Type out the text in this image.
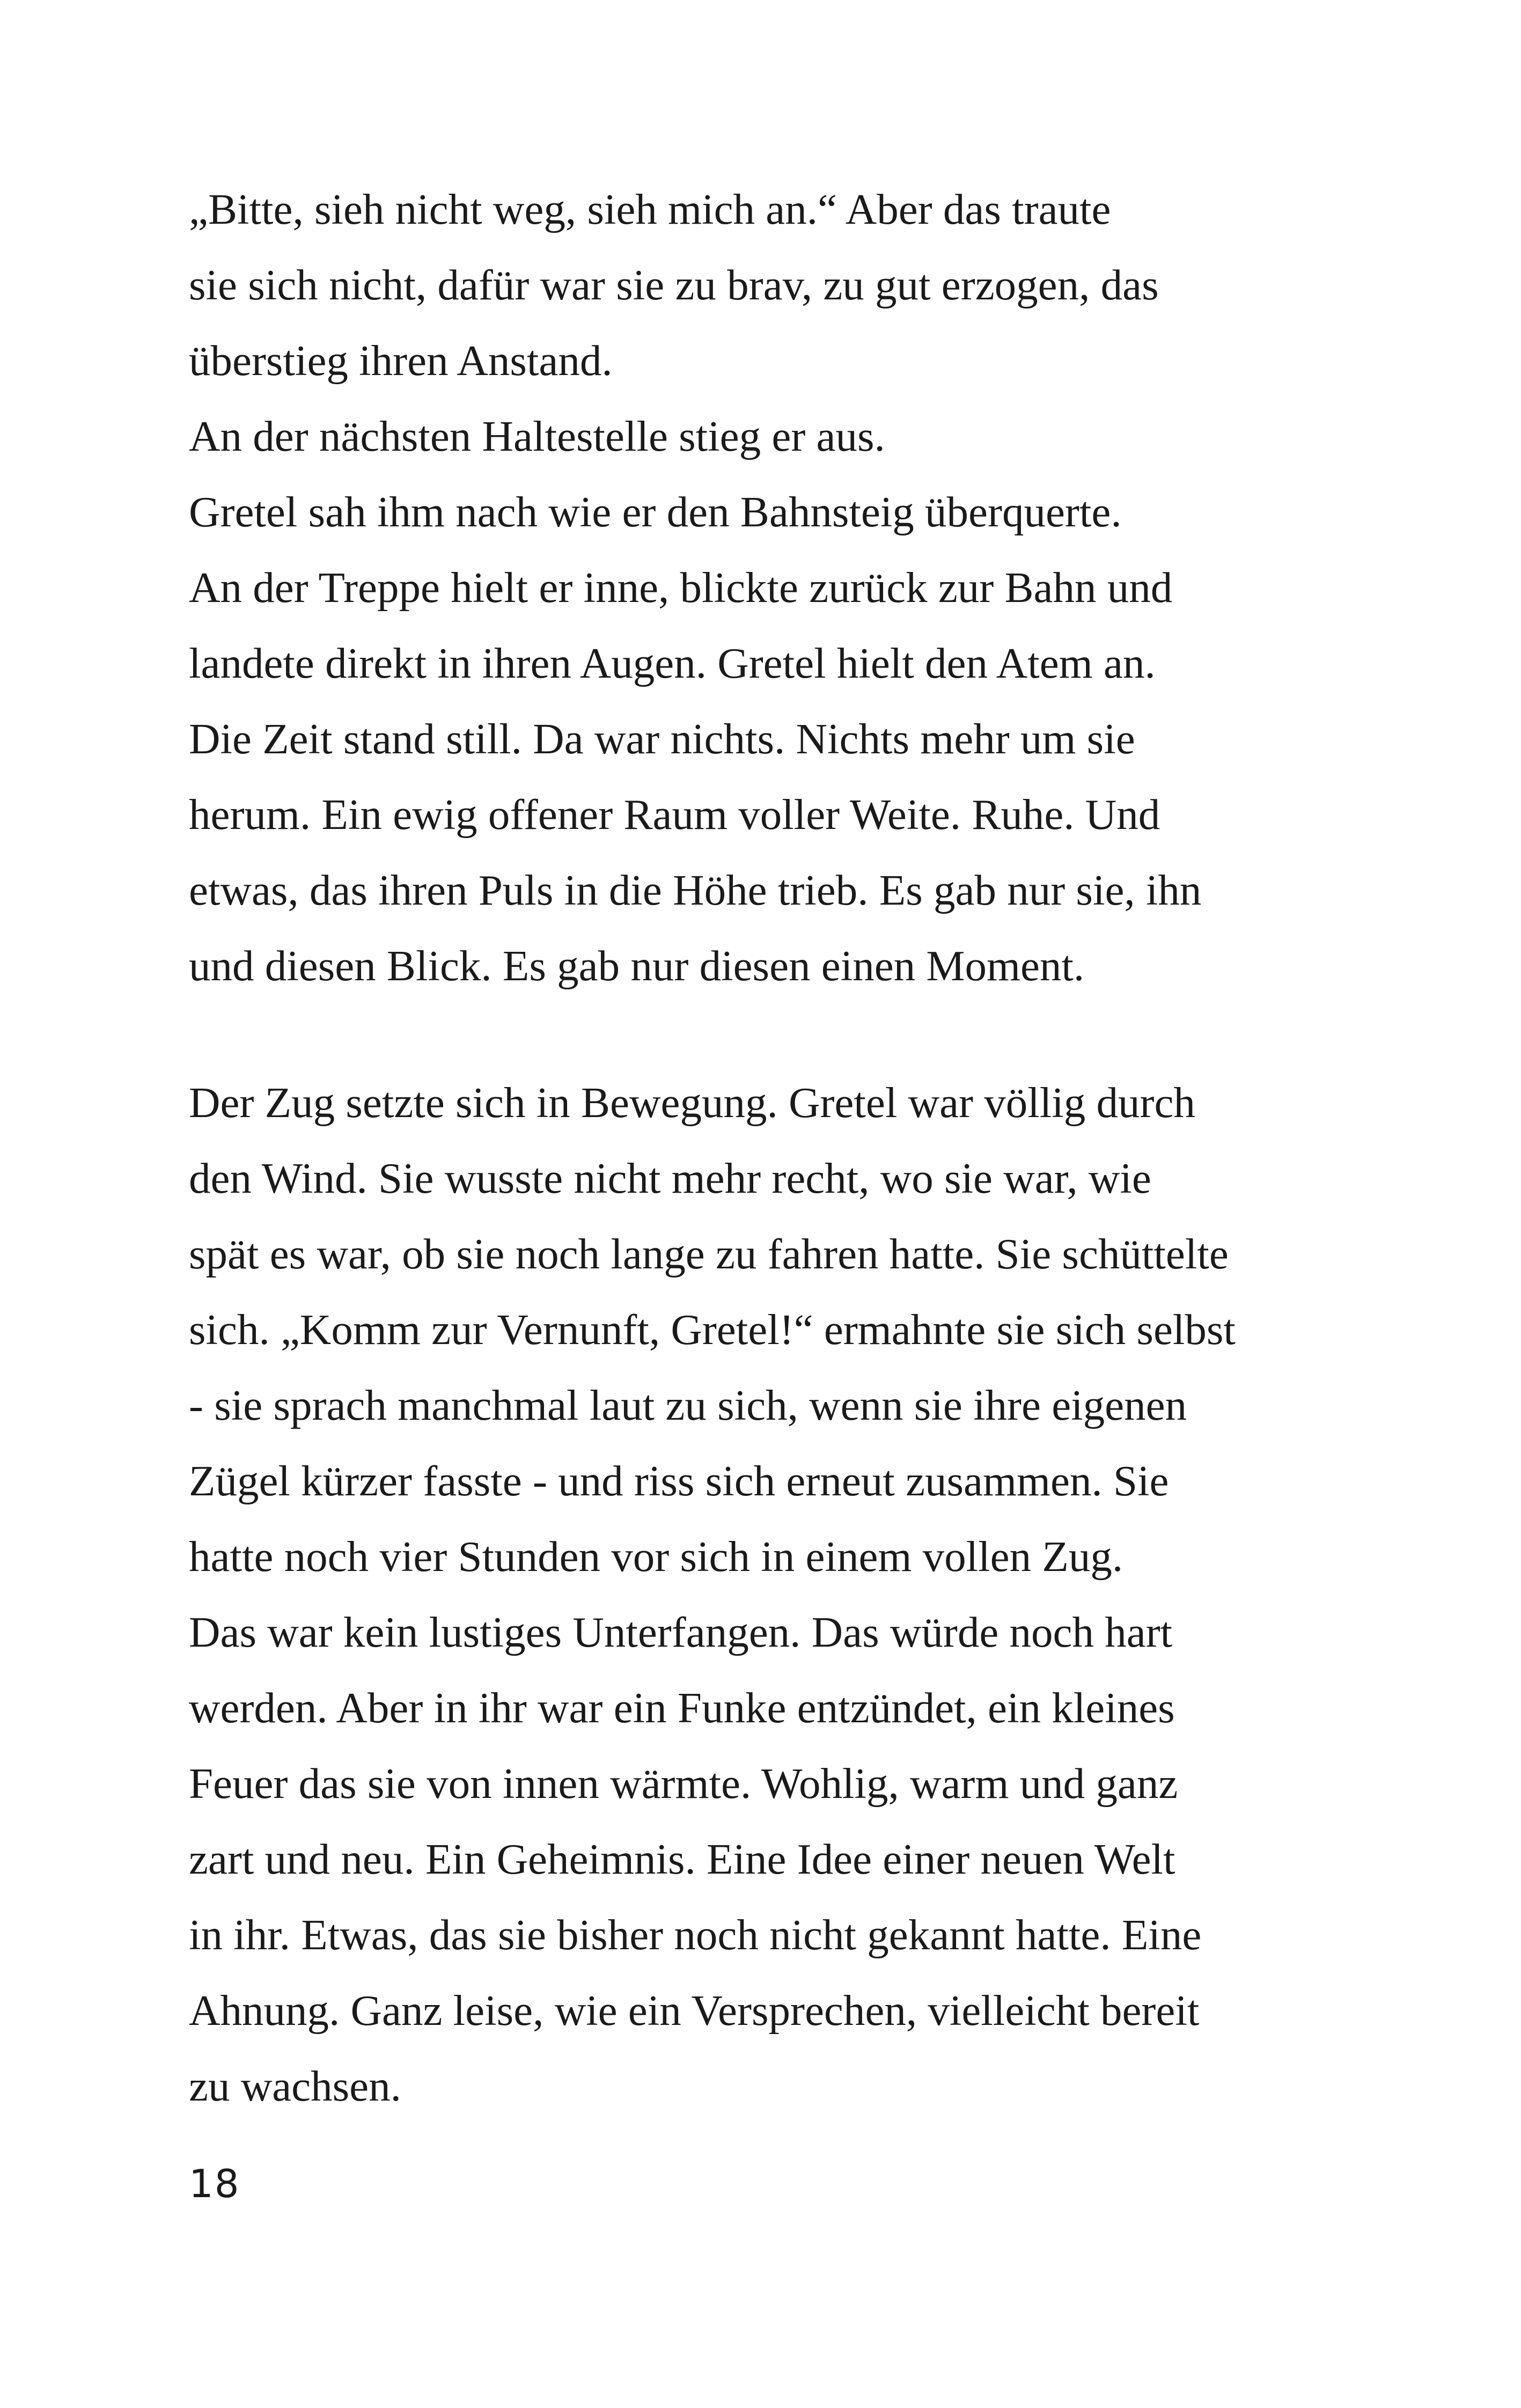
„Bitte, sieh nicht weg, sieh mich an.“ Aber das traute
sie sich nicht, dafür war sie zu brav, zu gut erzogen, das
überstieg ihren Anstand.
An der nächsten Haltestelle stieg er aus.
Gretel sah ihm nach wie er den Bahnsteig überquerte.
An der Treppe hielt er inne, blickte zurück zur Bahn und
landete direkt in ihren Augen. Gretel hielt den Atem an.
Die Zeit stand still. Da war nichts. Nichts mehr um sie
herum. Ein ewig offener Raum voller Weite. Ruhe. Und
etwas, das ihren Puls in die Höhe trieb. Es gab nur sie, ihn
und diesen Blick. Es gab nur diesen einen Moment.
Der Zug setzte sich in Bewegung. Gretel war völlig durch
den Wind. Sie wusste nicht mehr recht, wo sie war, wie
spät es war, ob sie noch lange zu fahren hatte. Sie schüttelte
sich. „Komm zur Vernunft, Gretel!“ ermahnte sie sich selbst
- sie sprach manchmal laut zu sich, wenn sie ihre eigenen
Zügel kürzer fasste - und riss sich erneut zusammen. Sie
hatte noch vier Stunden vor sich in einem vollen Zug.
Das war kein lustiges Unterfangen. Das würde noch hart
werden. Aber in ihr war ein Funke entzündet, ein kleines
Feuer das sie von innen wärmte. Wohlig, warm und ganz
zart und neu. Ein Geheimnis. Eine Idee einer neuen Welt
in ihr. Etwas, das sie bisher noch nicht gekannt hatte. Eine
Ahnung. Ganz leise, wie ein Versprechen, vielleicht bereit
zu wachsen.
18
